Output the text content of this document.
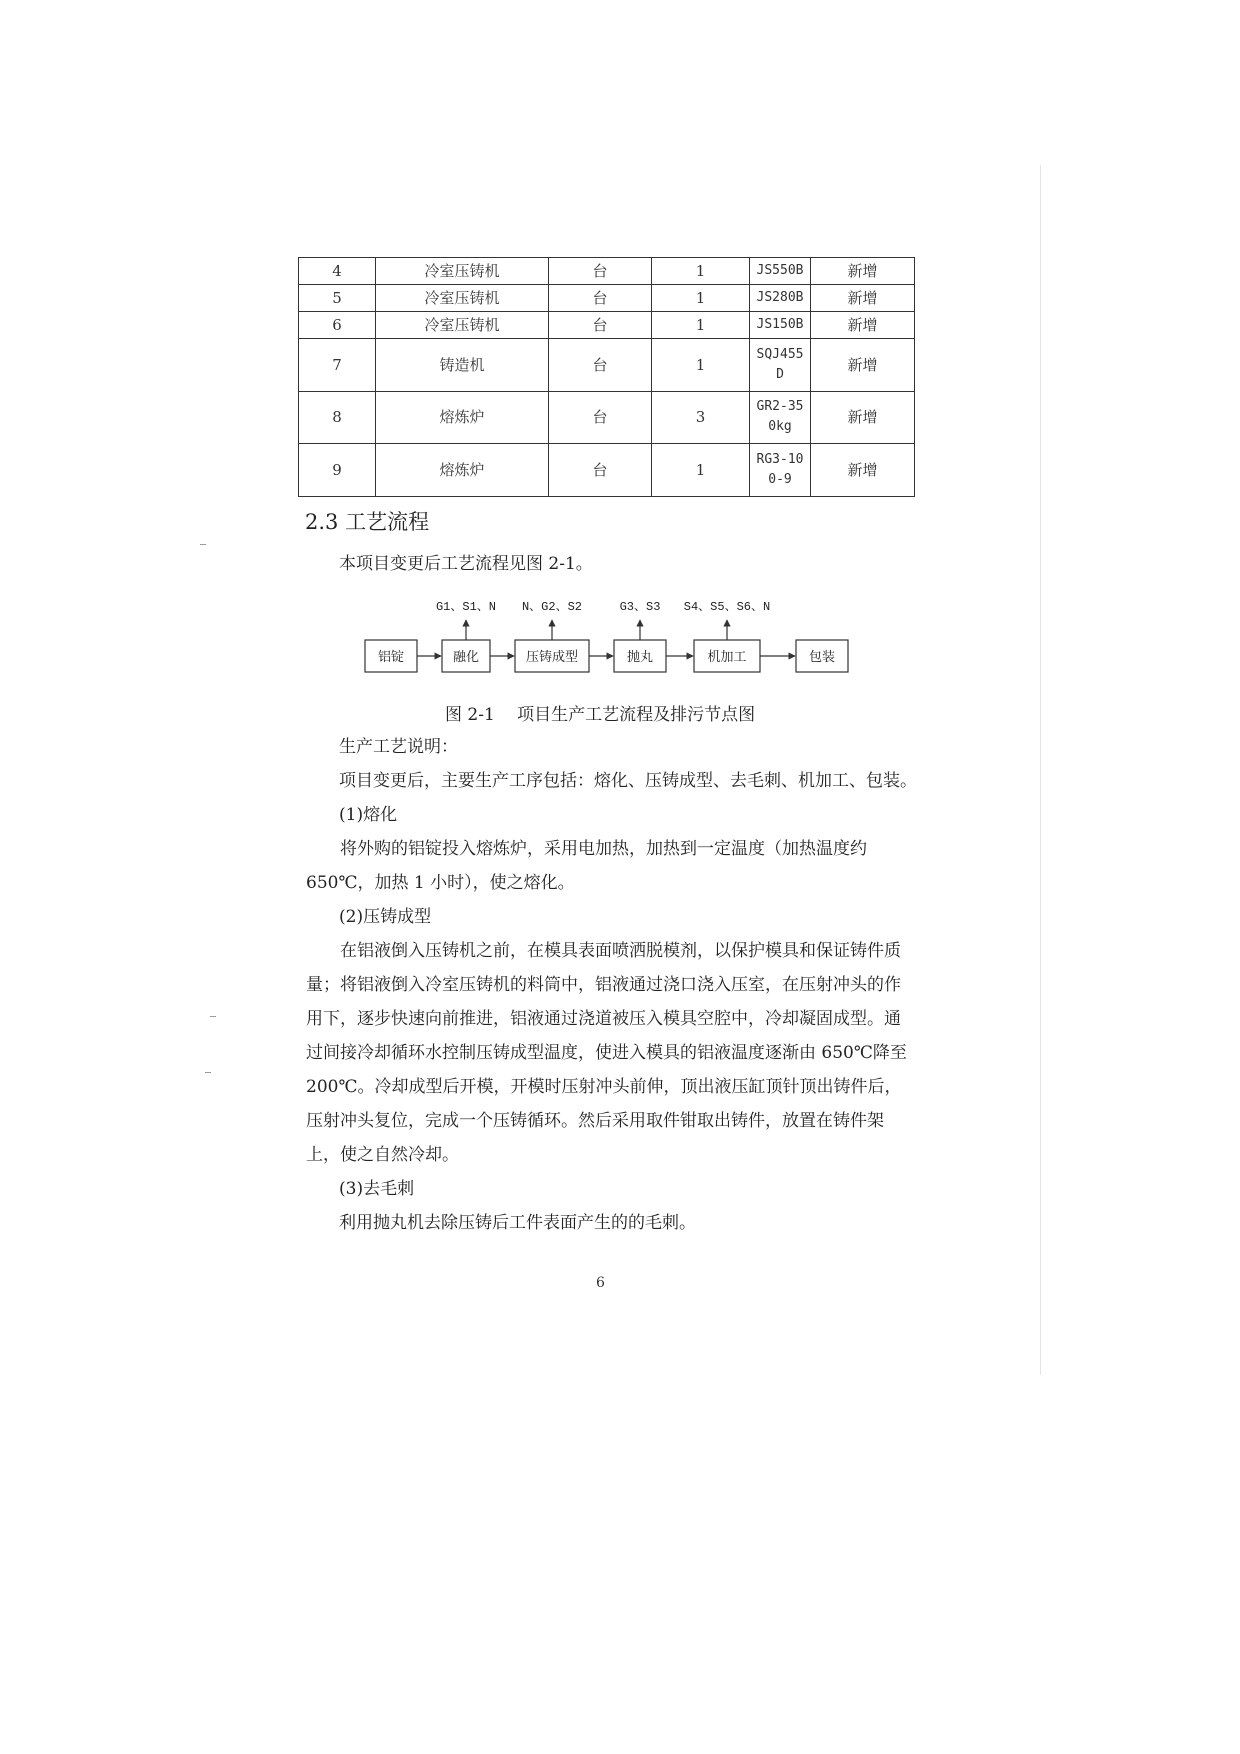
4	冷室压铸机	台	1	JS550B	新增
5	冷室压铸机	台	1	JS280B	新增
6	冷室压铸机	台	1	JS150B	新增
7	铸造机	台	1	SQJ455D	新增
8	熔炼炉	台	3	GR2-350kg	新增
9	熔炼炉	台	1	RG3-100-9	新增
2.3 工艺流程
本项目变更后工艺流程见图 2-1。
G1、S1、N N、G2、S2	G3、S3 S4、S5、S6、N
铝锭	融化	压铸成型	抛丸	机加工	包装
图 2-1　 项目生产工艺流程及排污节点图
生产工艺说明：
项目变更后，主要生产工序包括：熔化、压铸成型、去毛刺、机加工、包装。
(1)熔化

将外购的铝锭投入熔炼炉，采用电加热，加热到一定温度（加热温度约 650℃，加热 1 小时），使之熔化。

(2)压铸成型

在铝液倒入压铸机之前，在模具表面喷洒脱模剂，以保护模具和保证铸件质量；将铝液倒入冷室压铸机的料筒中，铝液通过浇口浇入压室，在压射冲头的作用下，逐步快速向前推进，铝液通过浇道被压入模具空腔中，冷却凝固成型。通过间接冷却循环水控制压铸成型温度，使进入模具的铝液温度逐渐由 650℃降至 200℃。冷却成型后开模，开模时压射冲头前伸，顶出液压缸顶针顶出铸件后，压射冲头复位，完成一个压铸循环。然后采用取件钳取出铸件，放置在铸件架上，使之自然冷却。

(3)去毛刺
利用抛丸机去除压铸后工件表面产生的的毛刺。
6
